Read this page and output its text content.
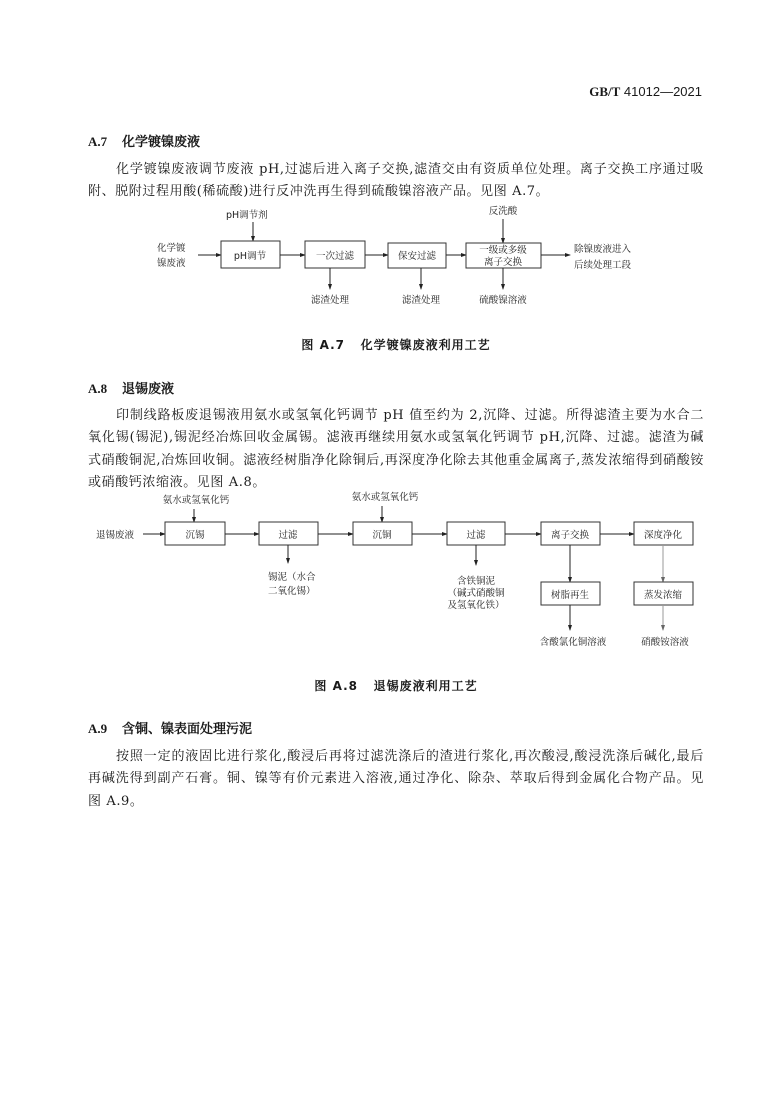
GB/T 41012—2021
A.7 化学镀镍废液
化学镀镍废液调节废液 pH,过滤后进入离子交换,滤渣交由有资质单位处理。离子交换工序通过吸附、脱附过程用酸(稀硫酸)进行反冲洗再生得到硫酸镍溶液产品。见图 A.7。
化学镀
镍废液
pH调节剂
pH调节	一次过滤
滤渣处理
保安过滤
滤渣处理
反洗酸
一级或多级
离子交换
硫酸镍溶液
除镍废液进入
后续处理工段
退锡废液
氨水或氢氧化钙
沉锡	过滤
锡泥（水合
二氧化锡）
氨水或氢氧化钙
沉铜	过滤
含铁铜泥
（碱式硝酸铜
及氢氧化铁）
离子交换
树脂再生
含酸氯化铜溶液
深度净化
蒸发浓缩
硝酸铵溶液
图 A.7 化学镀镍废液利用工艺
A.8 退锡废液
印制线路板废退锡液用氨水或氢氧化钙调节 pH 值至约为 2,沉降、过滤。所得滤渣主要为水合二氧化锡(锡泥),锡泥经冶炼回收金属锡。滤液再继续用氨水或氢氧化钙调节 pH,沉降、过滤。滤渣为碱式硝酸铜泥,冶炼回收铜。滤液经树脂净化除铜后,再深度净化除去其他重金属离子,蒸发浓缩得到硝酸铵或硝酸钙浓缩液。见图 A.8。
图 A.8 退锡废液利用工艺
A.9 含铜、镍表面处理污泥
按照一定的液固比进行浆化,酸浸后再将过滤洗涤后的渣进行浆化,再次酸浸,酸浸洗涤后碱化,最后再碱洗得到副产石膏。铜、镍等有价元素进入溶液,通过净化、除杂、萃取后得到金属化合物产品。见图 A.9。
